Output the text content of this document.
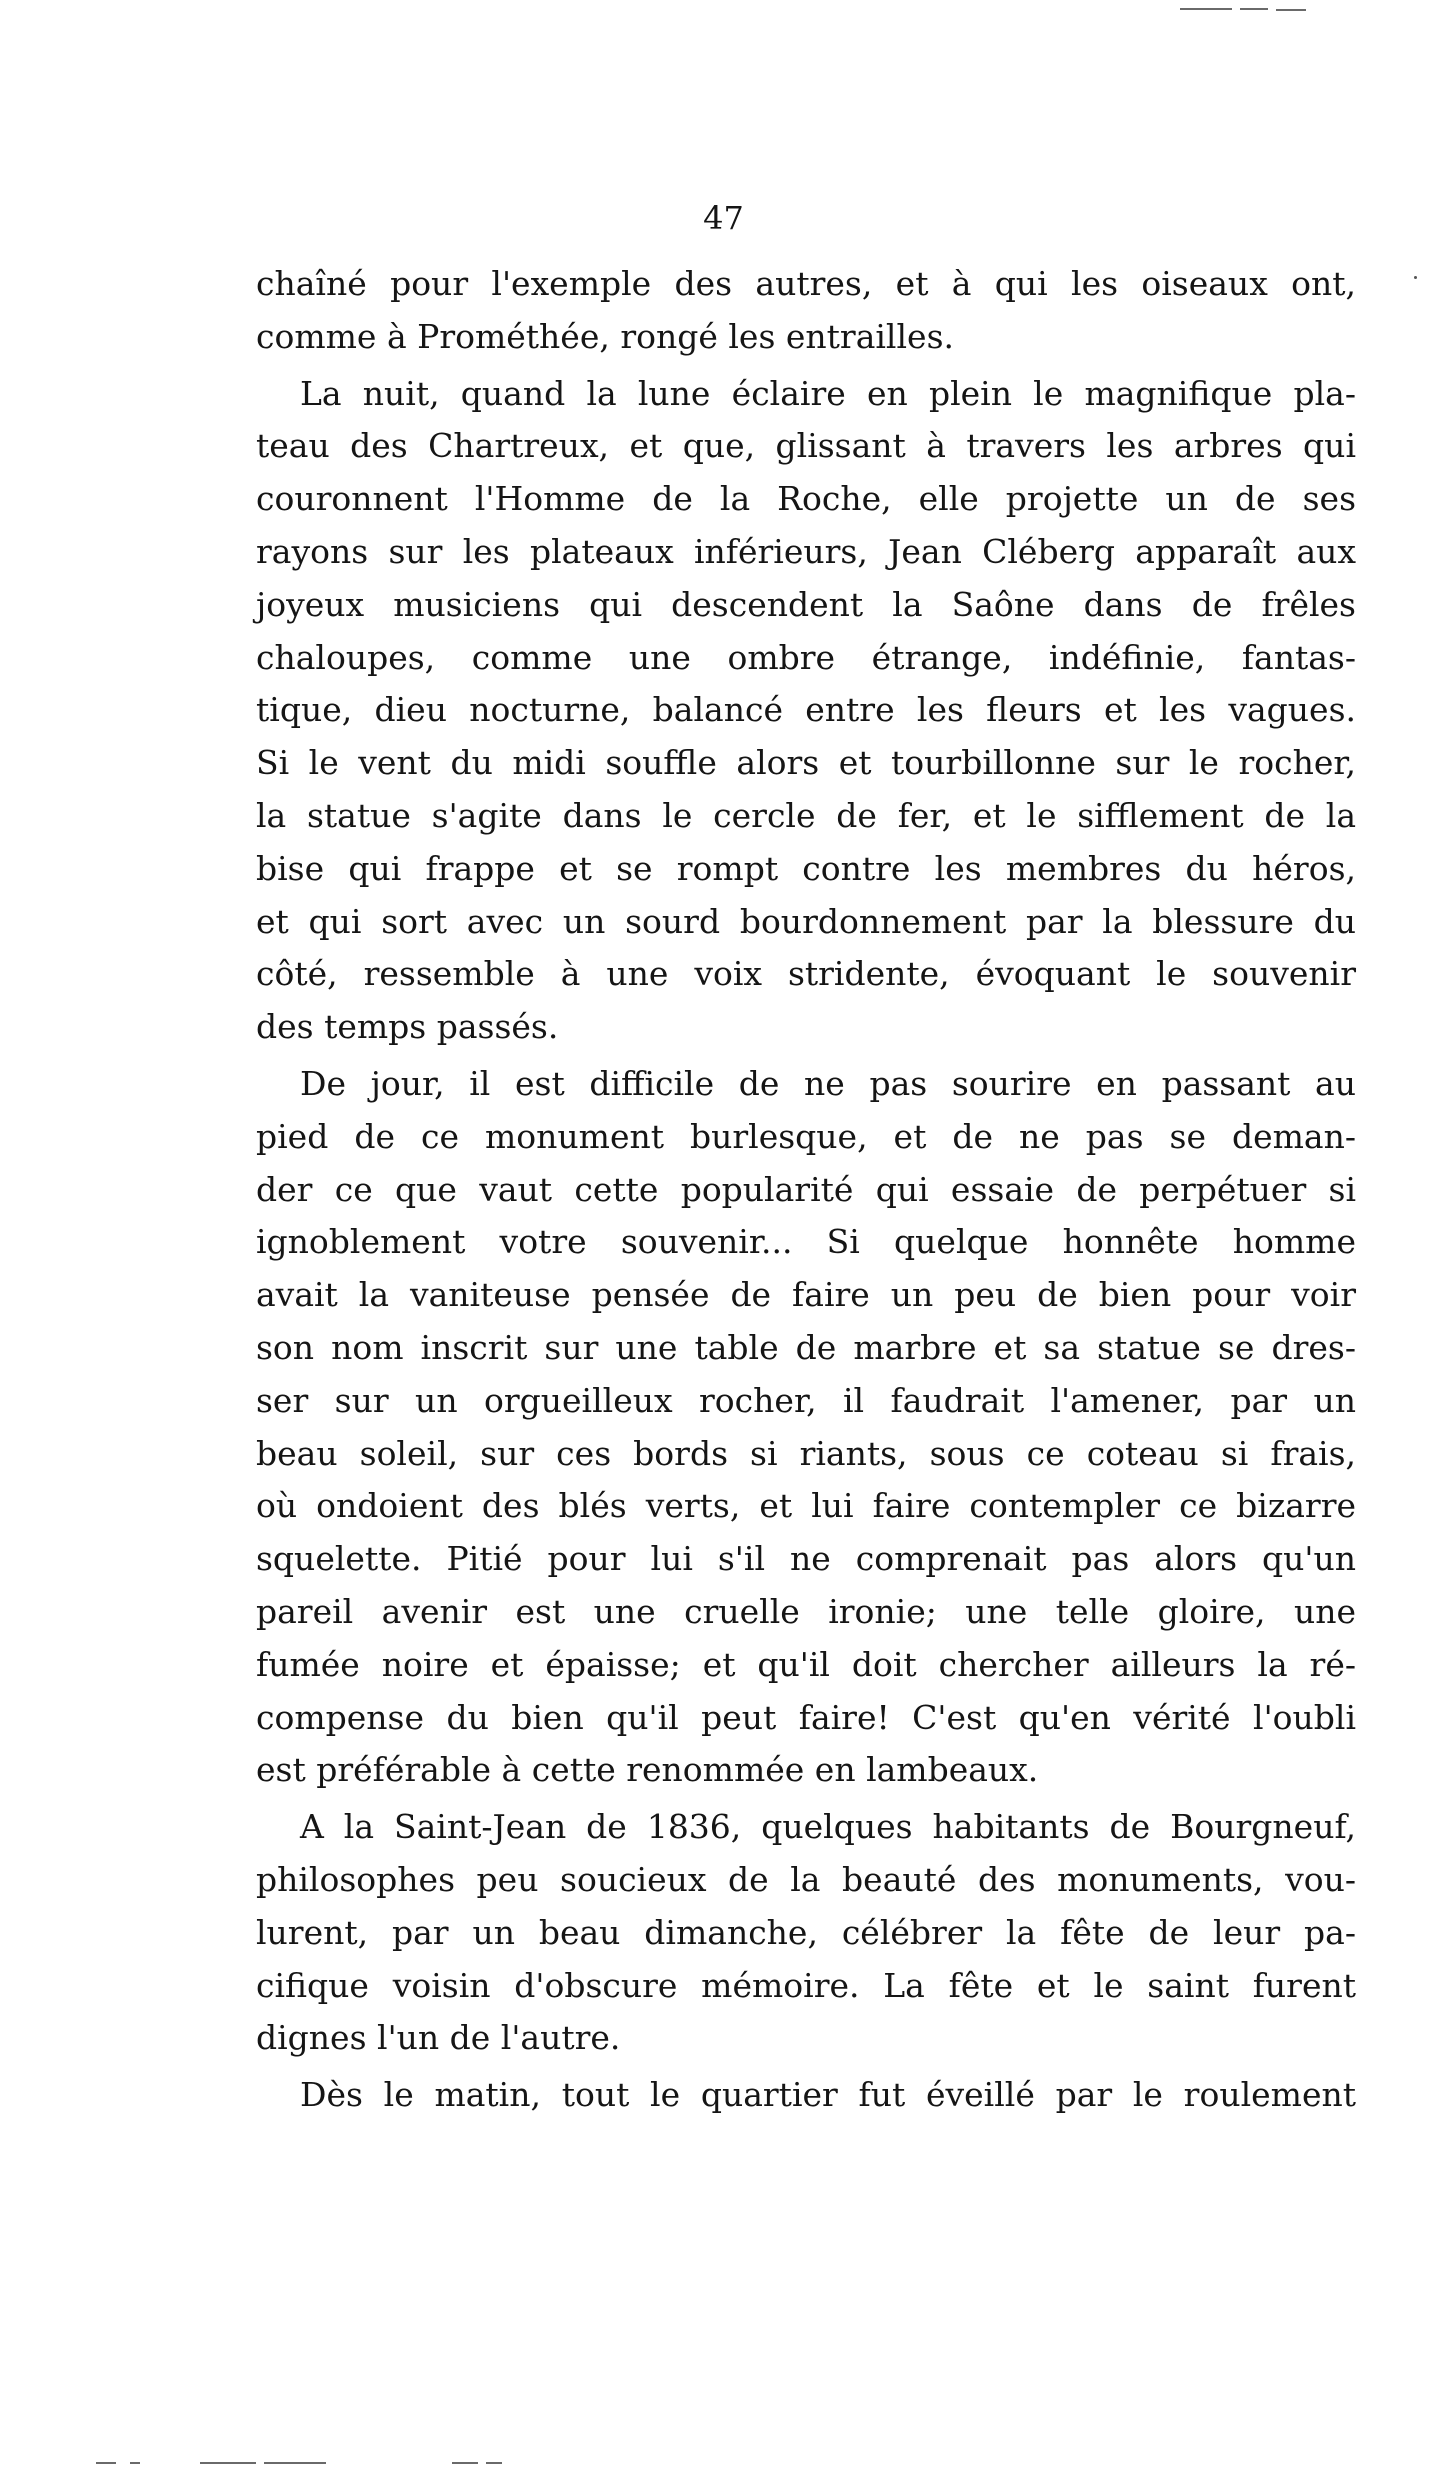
47
chaîné pour l'exemple des autres, et à qui les oiseaux ont,
comme à Prométhée, rongé les entrailles.
La nuit, quand la lune éclaire en plein le magnifique pla-
teau des Chartreux, et que, glissant à travers les arbres qui
couronnent l'Homme de la Roche, elle projette un de ses
rayons sur les plateaux inférieurs, Jean Cléberg apparaît aux
joyeux musiciens qui descendent la Saône dans de frêles
chaloupes, comme une ombre étrange, indéfinie, fantas-
tique, dieu nocturne, balancé entre les fleurs et les vagues.
Si le vent du midi souffle alors et tourbillonne sur le rocher,
la statue s'agite dans le cercle de fer, et le sifflement de la
bise qui frappe et se rompt contre les membres du héros,
et qui sort avec un sourd bourdonnement par la blessure du
côté, ressemble à une voix stridente, évoquant le souvenir
des temps passés.
De jour, il est difficile de ne pas sourire en passant au
pied de ce monument burlesque, et de ne pas se deman-
der ce que vaut cette popularité qui essaie de perpétuer si
ignoblement votre souvenir... Si quelque honnête homme
avait la vaniteuse pensée de faire un peu de bien pour voir
son nom inscrit sur une table de marbre et sa statue se dres-
ser sur un orgueilleux rocher, il faudrait l'amener, par un
beau soleil, sur ces bords si riants, sous ce coteau si frais,
où ondoient des blés verts, et lui faire contempler ce bizarre
squelette. Pitié pour lui s'il ne comprenait pas alors qu'un
pareil avenir est une cruelle ironie; une telle gloire, une
fumée noire et épaisse; et qu'il doit chercher ailleurs la ré-
compense du bien qu'il peut faire! C'est qu'en vérité l'oubli
est préférable à cette renommée en lambeaux.
A la Saint-Jean de 1836, quelques habitants de Bourgneuf,
philosophes peu soucieux de la beauté des monuments, vou-
lurent, par un beau dimanche, célébrer la fête de leur pa-
cifique voisin d'obscure mémoire. La fête et le saint furent
dignes l'un de l'autre.
Dès le matin, tout le quartier fut éveillé par le roulement
